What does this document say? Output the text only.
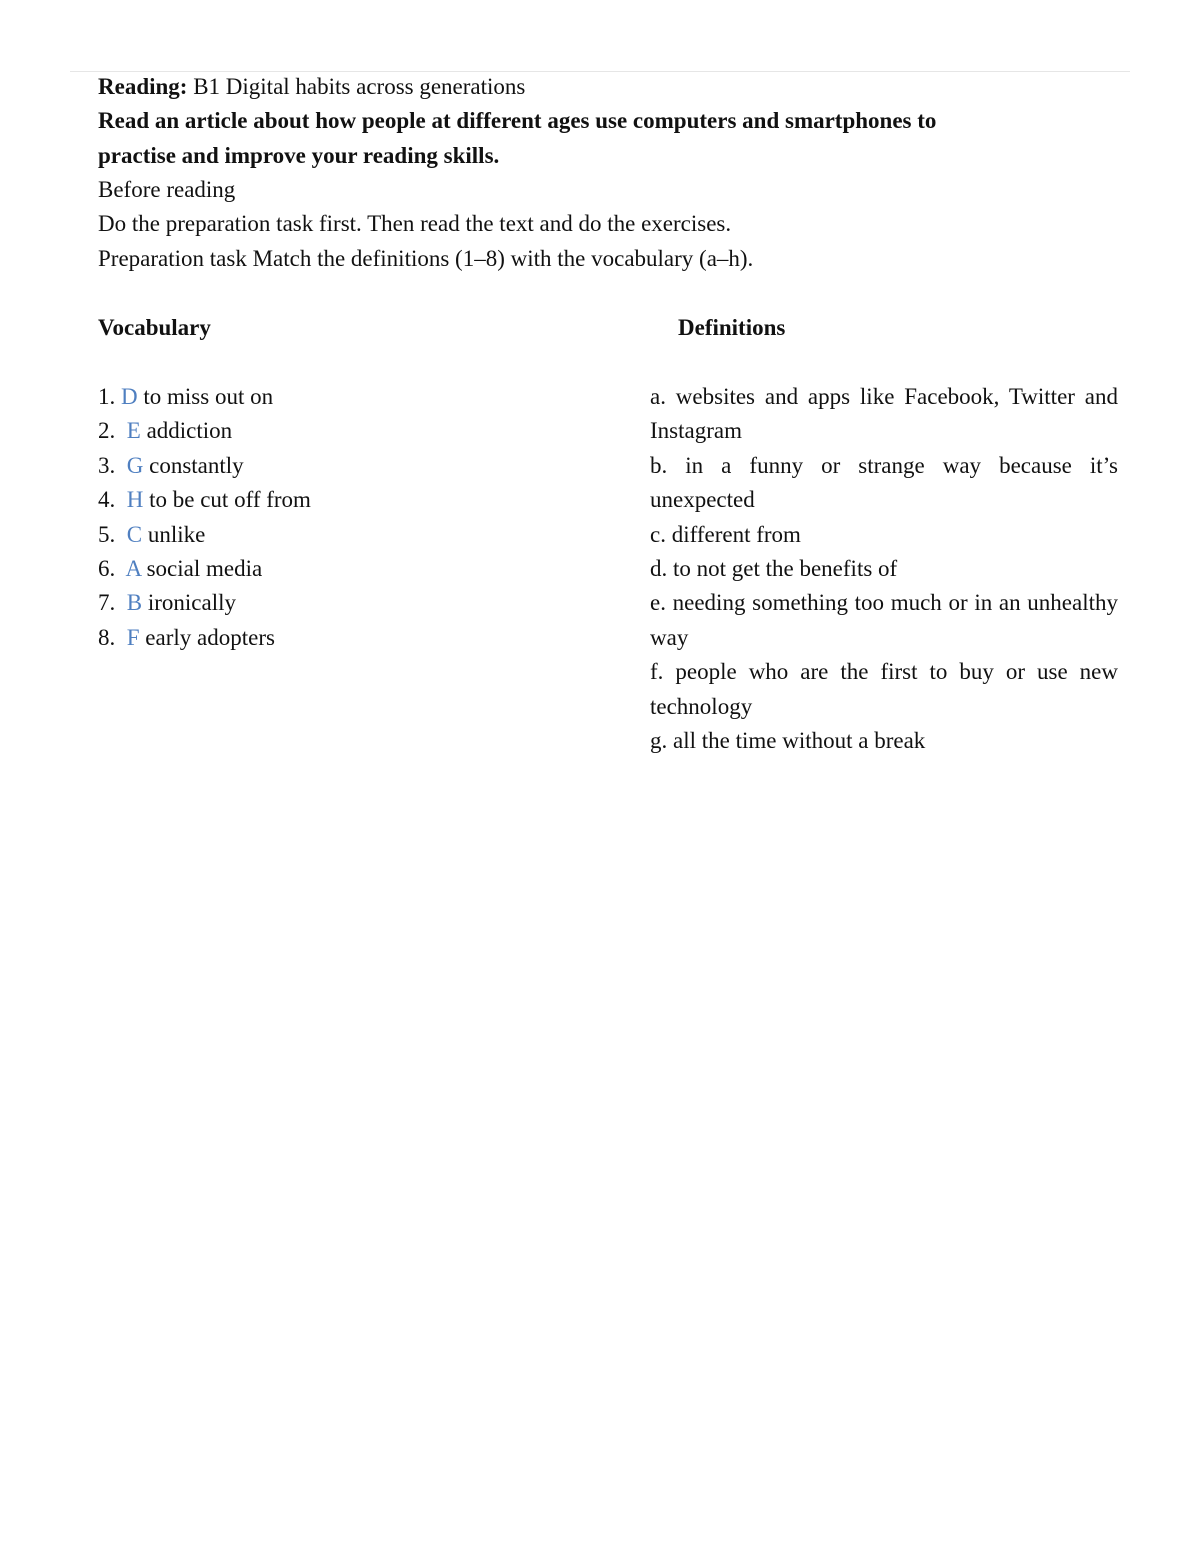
Reading: B1 Digital habits across generations
Read an article about how people at different ages use computers and smartphones to
practise and improve your reading skills.
Before reading
Do the preparation task first. Then read the text and do the exercises.
Preparation task Match the definitions (1–8) with the vocabulary (a–h).
Vocabulary	Definitions
1. D to miss out on
2. E addiction
3. G constantly
4. H to be cut off from
5. C unlike
6. A social media
7. B ironically
8. F early adopters
a. websites and apps like Facebook, Twitter and Instagram
b. in a funny or strange way because it’s unexpected
c. different from
d. to not get the benefits of
e. needing something too much or in an unhealthy way
f. people who are the first to buy or use new technology
g. all the time without a break
